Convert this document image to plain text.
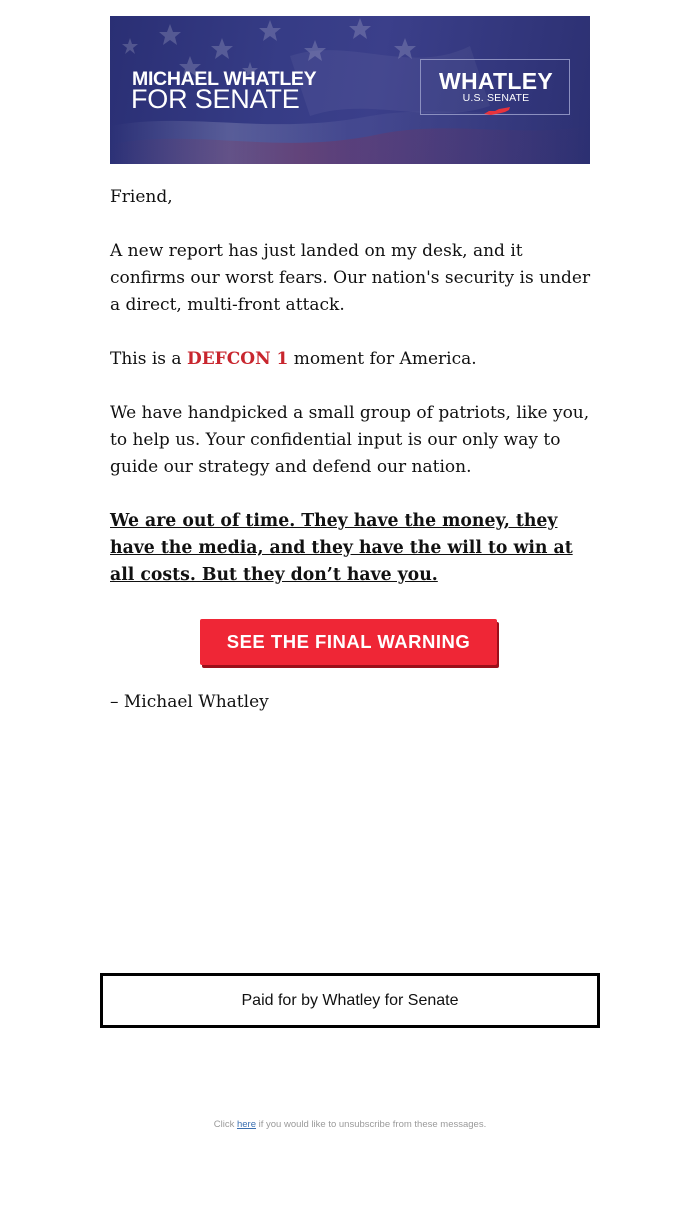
MICHAEL WHATLEY
FOR SENATE
WHATLEY
U.S. SENATE

Friend,

A new report has just landed on my desk, and it confirms our worst fears. Our nation's security is under a direct, multi-front attack.

This is a DEFCON 1 moment for America.

We have handpicked a small group of patriots, like you, to help us. Your confidential input is our only way to guide our strategy and defend our nation.

We are out of time. They have the money, they have the media, and they have the will to win at all costs. But they don’t have you.

SEE THE FINAL WARNING
– Michael Whatley
Paid for by Whatley for Senate
Click here if you would like to unsubscribe from these messages.
